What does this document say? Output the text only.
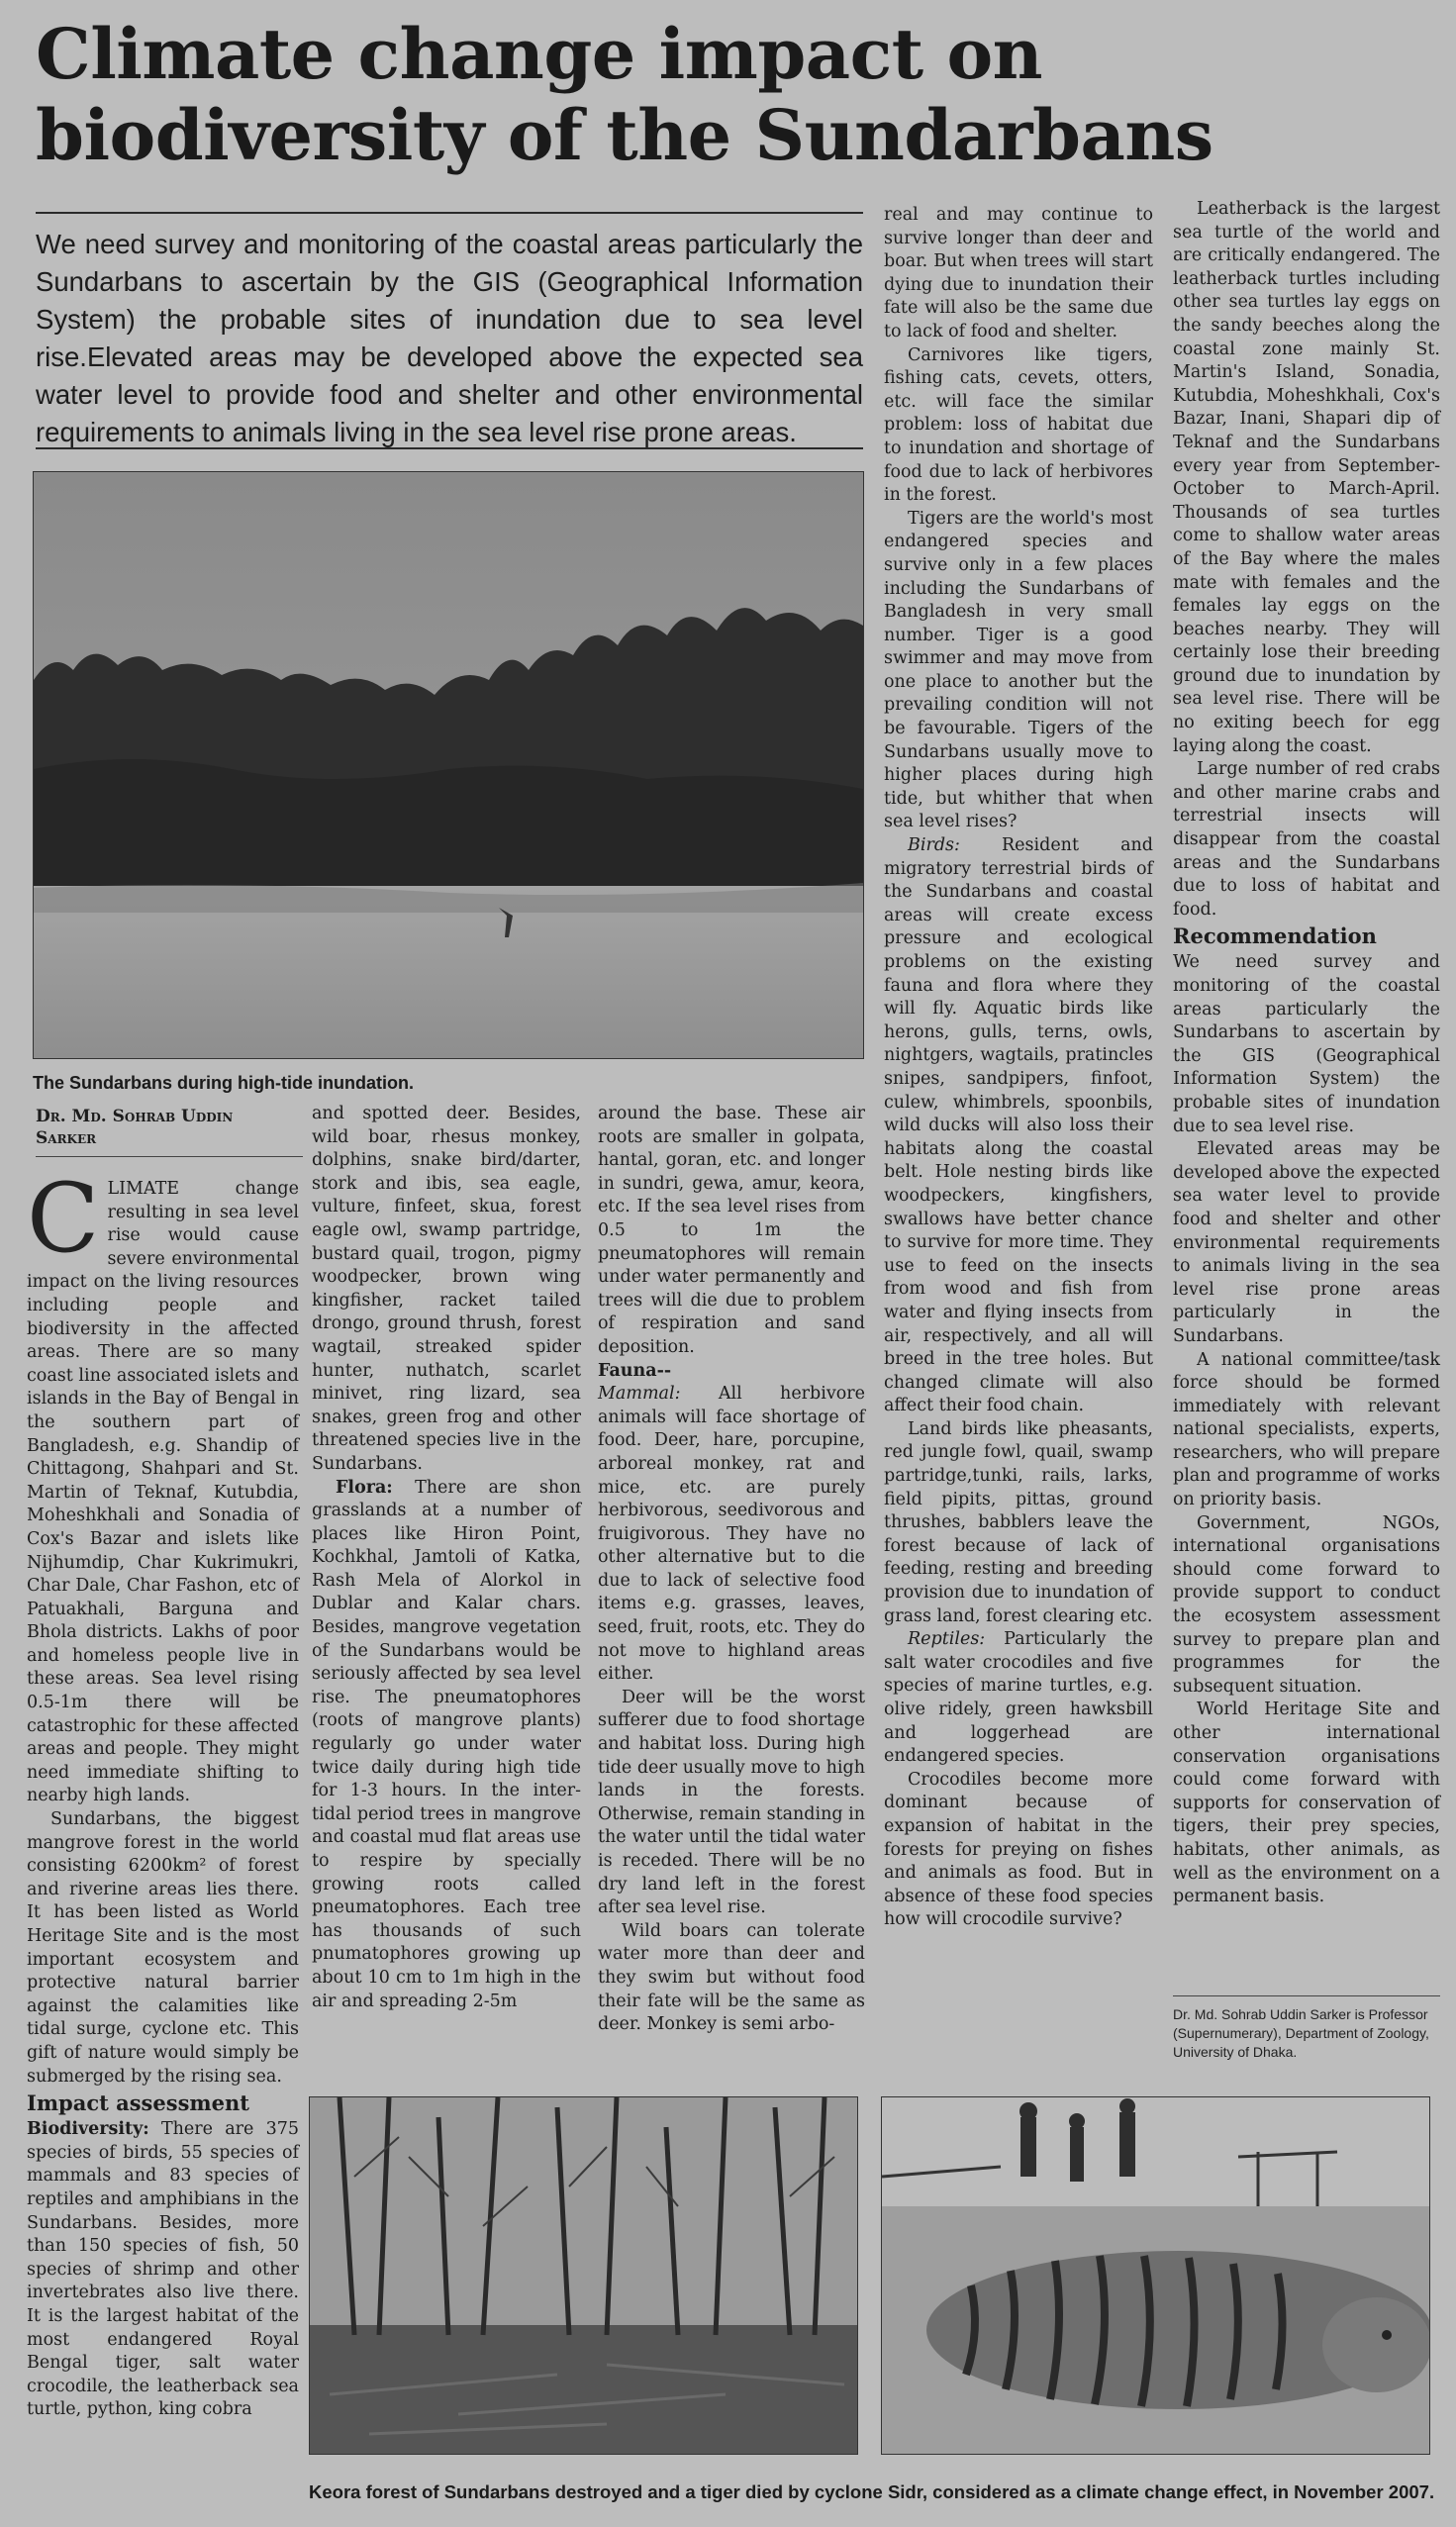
Climate change impact on biodiversity of the Sundarbans
We need survey and monitoring of the coastal areas particularly the Sundarbans to ascertain by the GIS (Geographical Information System) the probable sites of inundation due to sea level rise.Elevated areas may be developed above the expected sea water level to provide food and shelter and other environmental requirements to animals living in the sea level rise prone areas.
The Sundarbans during high-tide inundation.
Dr. Md. Sohrab Uddin
Sarker

CLIMATE change resulting in sea level rise would cause severe environmental impact on the living resources including people and biodiversity in the affected areas. There are so many coast line associated islets and islands in the Bay of Bengal in the southern part of Bangladesh, e.g. Shandip of Chittagong, Shahpari and St. Martin of Teknaf, Kutubdia, Moheshkhali and Sonadia of Cox's Bazar and islets like Nijhumdip, Char Kukrimukri, Char Dale, Char Fashon, etc of Patuakhali, Barguna and Bhola districts. Lakhs of poor and homeless people live in these areas. Sea level rising 0.5-1m there will be catastrophic for these affected areas and people. They might need immediate shifting to nearby high lands.

Sundarbans, the biggest mangrove forest in the world consisting 6200km² of forest and riverine areas lies there. It has been listed as World Heritage Site and is the most important ecosystem and protective natural barrier against the calamities like tidal surge, cyclone etc. This gift of nature would simply be submerged by the rising sea.

Impact assessment

Biodiversity: There are 375 species of birds, 55 species of mammals and 83 species of reptiles and amphibians in the Sundarbans. Besides, more than 150 species of fish, 50 species of shrimp and other invertebrates also live there. It is the largest habitat of the most endangered Royal Bengal tiger, salt water crocodile, the leatherback sea turtle, python, king cobra

and spotted deer. Besides, wild boar, rhesus monkey, dolphins, snake bird/darter, stork and ibis, sea eagle, vulture, finfeet, skua, forest eagle owl, swamp partridge, bustard quail, trogon, pigmy woodpecker, brown wing kingfisher, racket tailed drongo, ground thrush, forest wagtail, streaked spider hunter, nuthatch, scarlet minivet, ring lizard, sea snakes, green frog and other threatened species live in the Sundarbans.

Flora: There are shon grasslands at a number of places like Hiron Point, Kochkhal, Jamtoli of Katka, Rash Mela of Alorkol in Dublar and Kalar chars. Besides, mangrove vegetation of the Sundarbans would be seriously affected by sea level rise. The pneumatophores (roots of mangrove plants) regularly go under water twice daily during high tide for 1-3 hours. In the inter-tidal period trees in mangrove and coastal mud flat areas use to respire by specially growing roots called pneumatophores. Each tree has thousands of such pnumatophores growing up about 10 cm to 1m high in the air and spreading 2-5m

around the base. These air roots are smaller in golpata, hantal, goran, etc. and longer in sundri, gewa, amur, keora, etc. If the sea level rises from 0.5 to 1m the pneumatophores will remain under water permanently and trees will die due to problem of respiration and sand deposition.

Fauna--

Mammal: All herbivore animals will face shortage of food. Deer, hare, porcupine, arboreal monkey, rat and mice, etc. are purely herbivorous, seedivorous and fruigivorous. They have no other alternative but to die due to lack of selective food items e.g. grasses, leaves, seed, fruit, roots, etc. They do not move to highland areas either.

Deer will be the worst sufferer due to food shortage and habitat loss. During high tide deer usually move to high lands in the forests. Otherwise, remain standing in the water until the tidal water is receded. There will be no dry land left in the forest after sea level rise.

Wild boars can tolerate water more than deer and they swim but without food their fate will be the same as deer. Monkey is semi arbo-

real and may continue to survive longer than deer and boar. But when trees will start dying due to inundation their fate will also be the same due to lack of food and shelter.

Carnivores like tigers, fishing cats, cevets, otters, etc. will face the similar problem: loss of habitat due to inundation and shortage of food due to lack of herbivores in the forest.

Tigers are the world's most endangered species and survive only in a few places including the Sundarbans of Bangladesh in very small number. Tiger is a good swimmer and may move from one place to another but the prevailing condition will not be favourable. Tigers of the Sundarbans usually move to higher places during high tide, but whither that when sea level rises?

Birds: Resident and migratory terrestrial birds of the Sundarbans and coastal areas will create excess pressure and ecological problems on the existing fauna and flora where they will fly. Aquatic birds like herons, gulls, terns, owls, nightgers, wagtails, pratincles snipes, sandpipers, finfoot, culew, whimbrels, spoonbils, wild ducks will also loss their habitats along the coastal belt. Hole nesting birds like woodpeckers, kingfishers, swallows have better chance to survive for more time. They use to feed on the insects from wood and fish from water and flying insects from air, respectively, and all will breed in the tree holes. But changed climate will also affect their food chain.

Land birds like pheasants, red jungle fowl, quail, swamp partridge,tunki, rails, larks, field pipits, pittas, ground thrushes, babblers leave the forest because of lack of feeding, resting and breeding provision due to inundation of grass land, forest clearing etc.

Reptiles: Particularly the salt water crocodiles and five species of marine turtles, e.g. olive ridely, green hawksbill and loggerhead are endangered species.

Crocodiles become more dominant because of expansion of habitat in the forests for preying on fishes and animals as food. But in absence of these food species how will crocodile survive?

Leatherback is the largest sea turtle of the world and are critically endangered. The leatherback turtles including other sea turtles lay eggs on the sandy beeches along the coastal zone mainly St. Martin's Island, Sonadia, Kutubdia, Moheshkhali, Cox's Bazar, Inani, Shapari dip of Teknaf and the Sundarbans every year from September-October to March-April. Thousands of sea turtles come to shallow water areas of the Bay where the males mate with females and the females lay eggs on the beaches nearby. They will certainly lose their breeding ground due to inundation by sea level rise. There will be no exiting beech for egg laying along the coast.

Large number of red crabs and other marine crabs and terrestrial insects will disappear from the coastal areas and the Sundarbans due to loss of habitat and food.

Recommendation

We need survey and monitoring of the coastal areas particularly the Sundarbans to ascertain by the GIS (Geographical Information System) the probable sites of inundation due to sea level rise.

Elevated areas may be developed above the expected sea water level to provide food and shelter and other environmental requirements to animals living in the sea level rise prone areas particularly in the Sundarbans.

A national committee/task force should be formed immediately with relevant national specialists, experts, researchers, who will prepare plan and programme of works on priority basis.

Government, NGOs, international organisations should come forward to provide support to conduct the ecosystem assessment survey to prepare plan and programmes for the subsequent situation.

World Heritage Site and other international conservation organisations could come forward with supports for conservation of tigers, their prey species, habitats, other animals, as well as the environment on a permanent basis.

Dr. Md. Sohrab Uddin Sarker is Professor (Supernumerary), Department of Zoology, University of Dhaka.
Keora forest of Sundarbans destroyed and a tiger died by cyclone Sidr, considered as a climate change effect, in November 2007.
